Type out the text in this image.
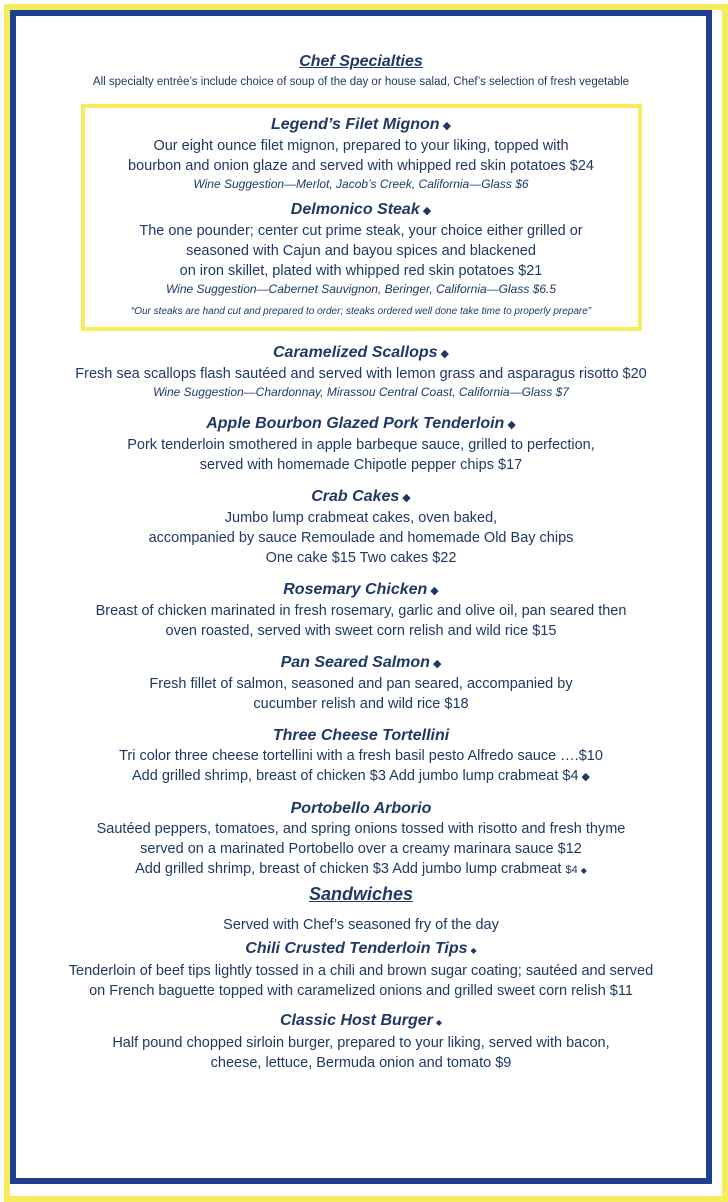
Chef Specialties
All specialty entrée’s include choice of soup of the day or house salad, Chef’s selection of fresh vegetable
Legend’s Filet Mignon ◆
Our eight ounce filet mignon, prepared to your liking, topped with
bourbon and onion glaze and served with whipped red skin potatoes $24
Wine Suggestion—Merlot, Jacob’s Creek, California—Glass $6
Delmonico Steak ◆
The one pounder; center cut prime steak, your choice either grilled or
seasoned with Cajun and bayou spices and blackened
on iron skillet, plated with whipped red skin potatoes $21
Wine Suggestion—Cabernet Sauvignon, Beringer, California—Glass $6.5
“Our steaks are hand cut and prepared to order; steaks ordered well done take time to properly prepare”
Caramelized Scallops ◆
Fresh sea scallops flash sautéed and served with lemon grass and asparagus risotto $20
Wine Suggestion—Chardonnay, Mirassou Central Coast, California—Glass $7
Apple Bourbon Glazed Pork Tenderloin ◆
Pork tenderloin smothered in apple barbeque sauce, grilled to perfection,
served with homemade Chipotle pepper chips $17
Crab Cakes ◆
Jumbo lump crabmeat cakes, oven baked,
accompanied by sauce Remoulade and homemade Old Bay chips
One cake $15 Two cakes $22
Rosemary Chicken ◆
Breast of chicken marinated in fresh rosemary, garlic and olive oil, pan seared then
oven roasted, served with sweet corn relish and wild rice $15
Pan Seared Salmon ◆
Fresh fillet of salmon, seasoned and pan seared, accompanied by
cucumber relish and wild rice $18
Three Cheese Tortellini
Tri color three cheese tortellini with a fresh basil pesto Alfredo sauce ….$10
Add grilled shrimp, breast of chicken $3 Add jumbo lump crabmeat $4 ◆
Portobello Arborio
Sautéed peppers, tomatoes, and spring onions tossed with risotto and fresh thyme
served on a marinated Portobello over a creamy marinara sauce $12
Add grilled shrimp, breast of chicken $3 Add jumbo lump crabmeat $4 ◆
Sandwiches
Served with Chef’s seasoned fry of the day
Chili Crusted Tenderloin Tips ◆
Tenderloin of beef tips lightly tossed in a chili and brown sugar coating; sautéed and served
on French baguette topped with caramelized onions and grilled sweet corn relish $11
Classic Host Burger ◆
Half pound chopped sirloin burger, prepared to your liking, served with bacon,
cheese, lettuce, Bermuda onion and tomato $9
